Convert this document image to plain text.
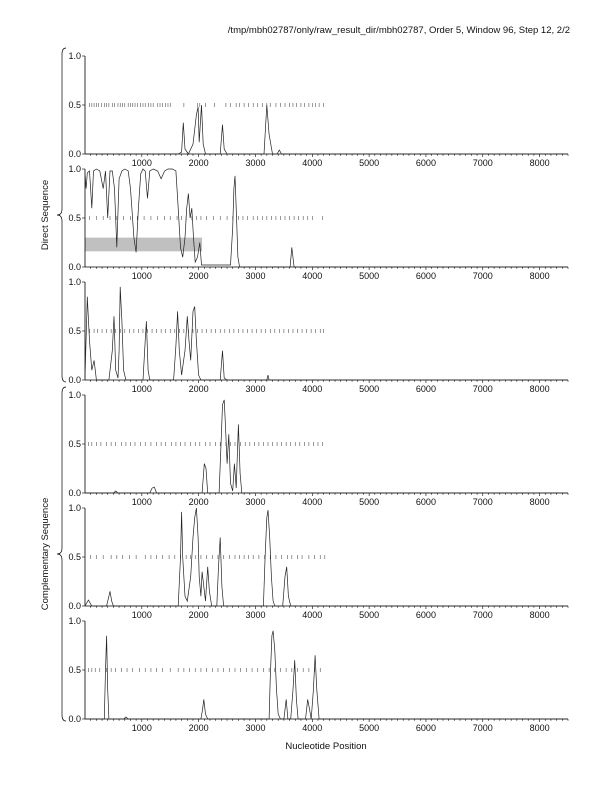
/tmp/mbh02787/only/raw_result_dir/mbh02787, Order 5, Window 96, Step 12, 2/2
1000	2000	3000	4000	5000	6000	7000	8000
0.0
0.5
1.0
1000	2000	3000	4000	5000	6000	7000	8000
0.0
0.5
1.0
1000	2000	3000	4000	5000	6000	7000	8000
0.0
0.5
1.0
1000	2000	3000	4000	5000	6000	7000	8000
0.0
0.5
1.0
1000	2000	3000	4000	5000	6000	7000	8000
0.0
0.5
1.0
1000	2000	3000	4000	5000	6000	7000	8000
0.0
0.5
1.0
Direct Sequence
Complementary Sequence
Nucleotide Position
